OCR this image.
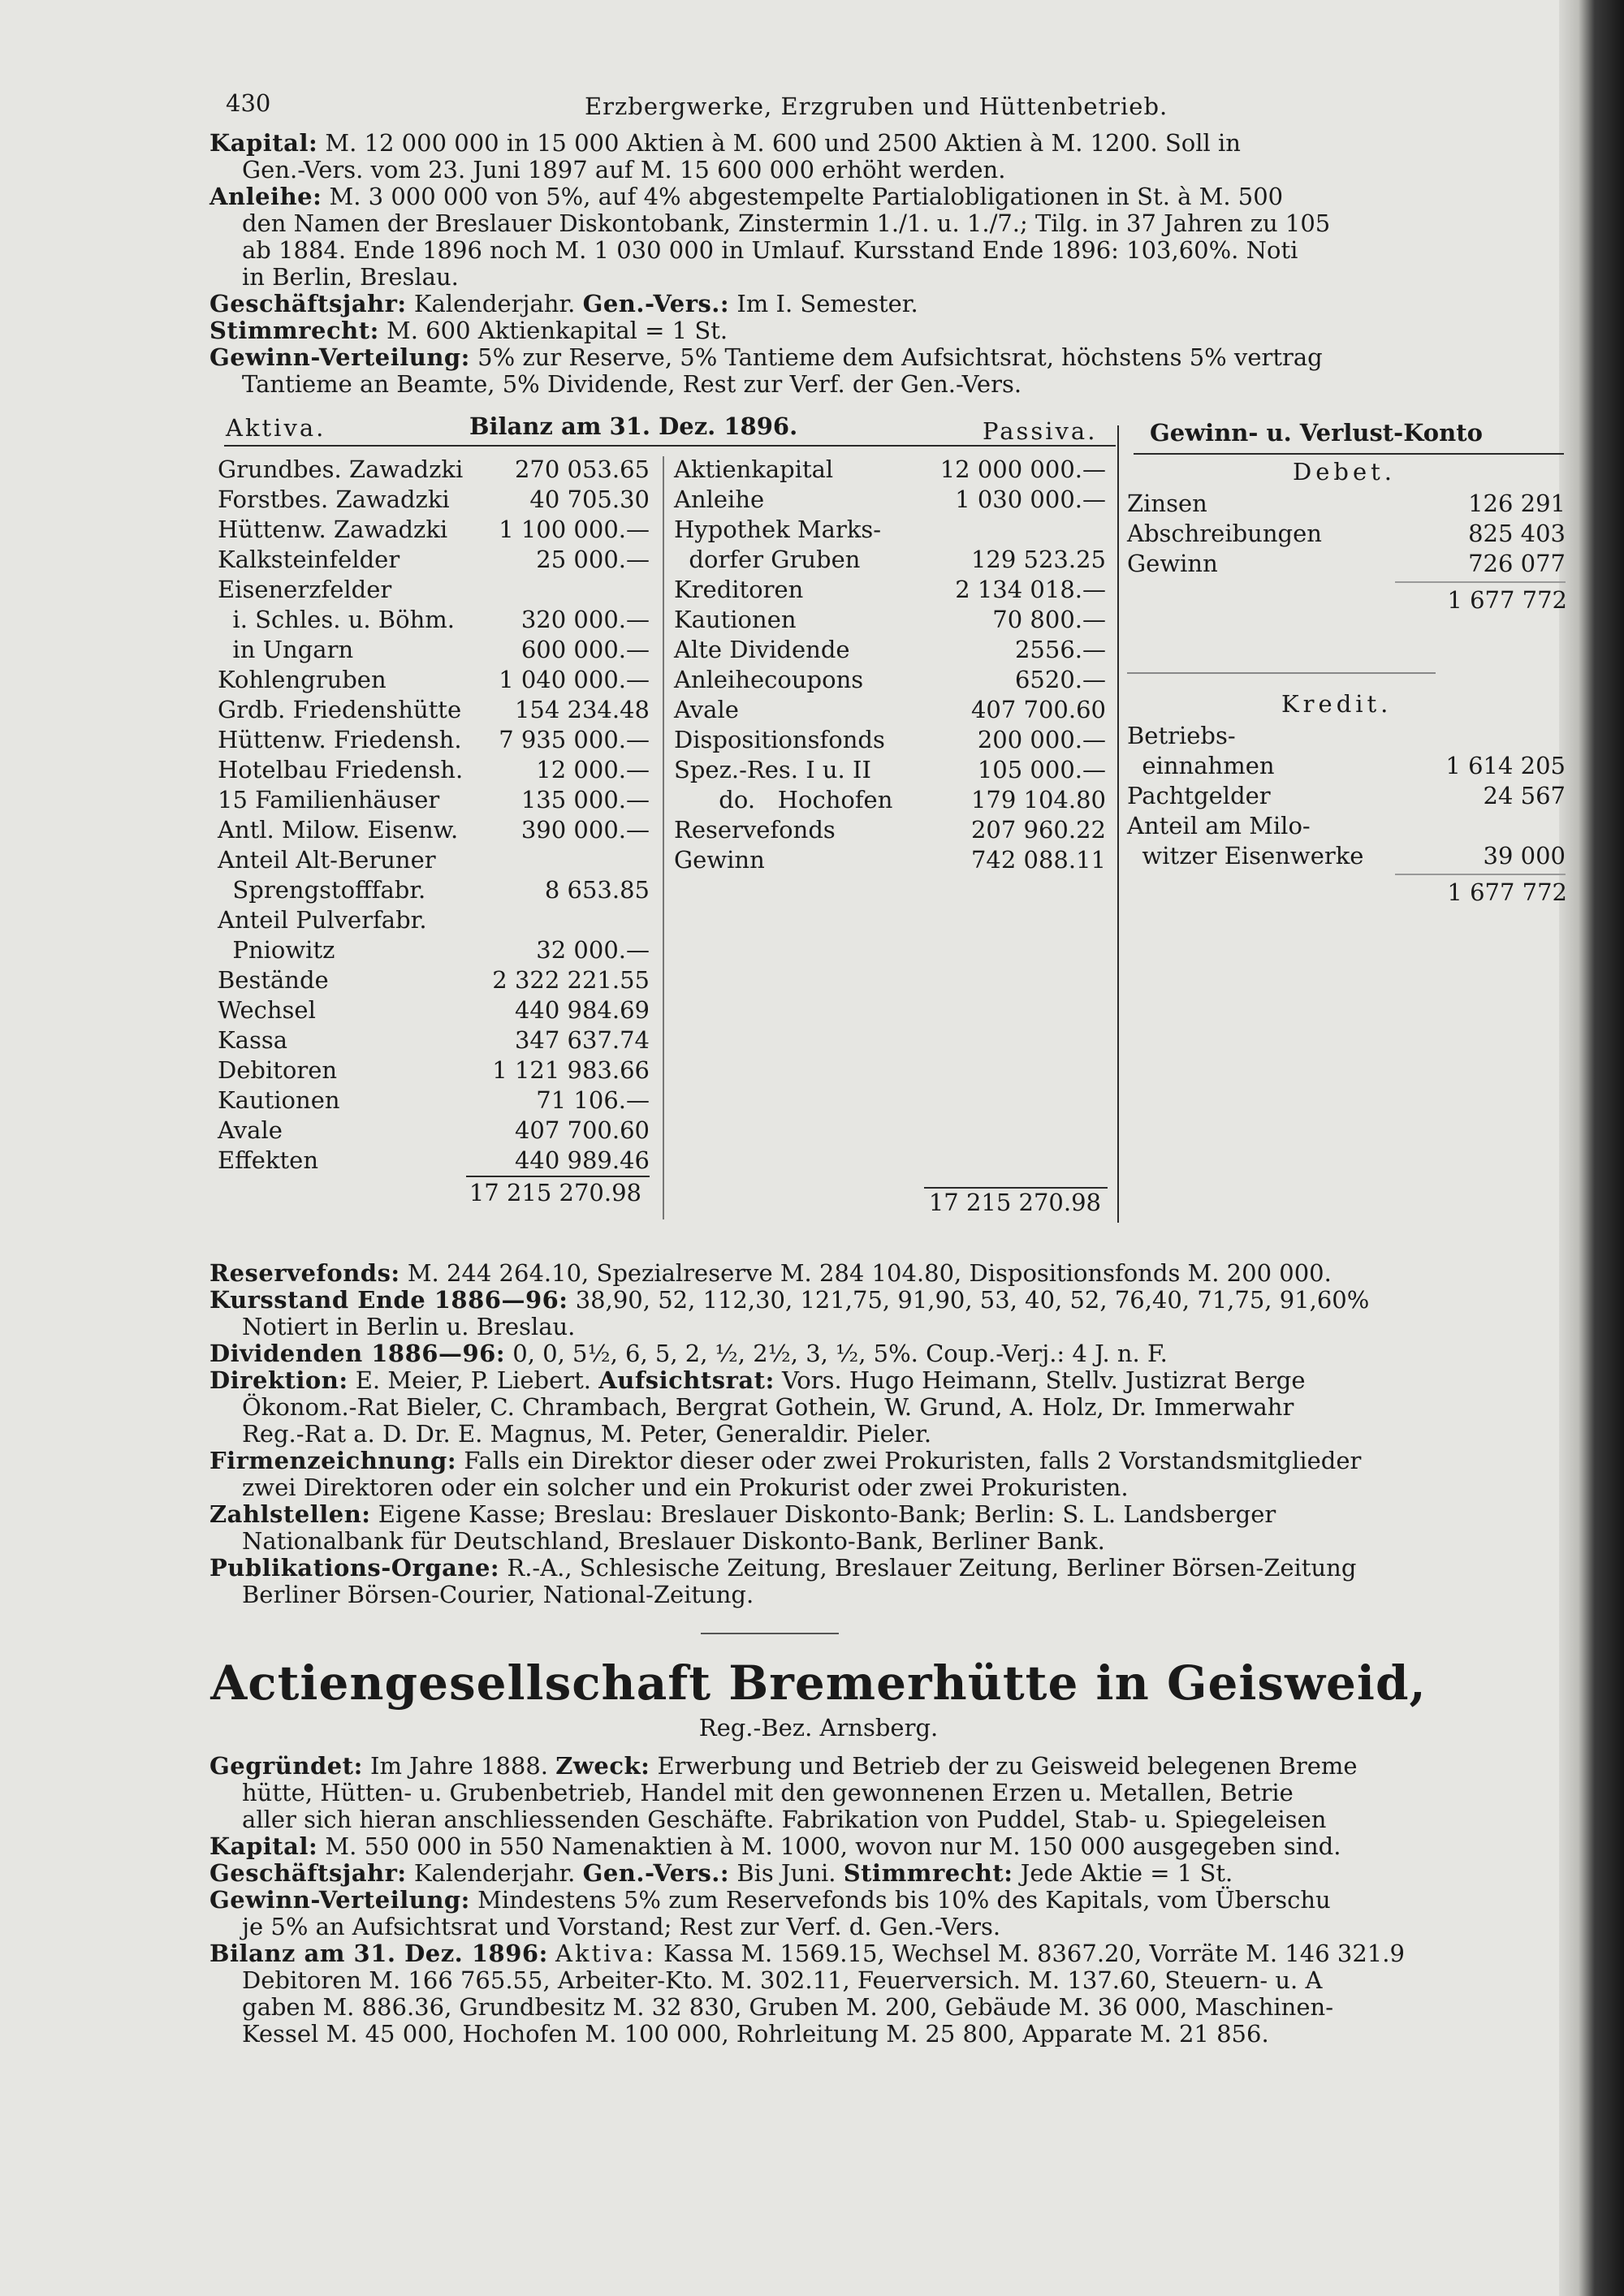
430	Erzbergwerke, Erzgruben und Hüttenbetrieb.

Kapital: M. 12 000 000 in 15 000 Aktien à M. 600 und 2500 Aktien à M. 1200. Soll in
Gen.-Vers. vom 23. Juni 1897 auf M. 15 600 000 erhöht werden.

Anleihe: M. 3 000 000 von 5%, auf 4% abgestempelte Partialobligationen in St. à M. 500
den Namen der Breslauer Diskontobank, Zinstermin 1./1. u. 1./7.; Tilg. in 37 Jahren zu 105
ab 1884. Ende 1896 noch M. 1 030 000 in Umlauf. Kursstand Ende 1896: 103,60%. Noti
in Berlin, Breslau.

Geschäftsjahr: Kalenderjahr. Gen.-Vers.: Im I. Semester.

Stimmrecht: M. 600 Aktienkapital = 1 St.

Gewinn-Verteilung: 5% zur Reserve, 5% Tantieme dem Aufsichtsrat, höchstens 5% vertrag
Tantieme an Beamte, 5% Dividende, Rest zur Verf. der Gen.-Vers.

Aktiva.	Bilanz am 31. Dez. 1896.	Passiva. Gewinn- u. Verlust-Konto
Grundbes. Zawadzki 270 053.65
Forstbes. Zawadzki	40 705.30
Hüttenw. Zawadzki 1 100 000.—
Kalksteinfelder	25 000.—
Eisenerzfelder
i. Schles. u. Böhm.	320 000.—
in Ungarn	600 000.—
Kohlengruben	1 040 000.—
Grdb. Friedenshütte 154 234.48
Hüttenw. Friedensh. 7 935 000.—
Hotelbau Friedensh.	12 000.—
15 Familienhäuser	135 000.—
Antl. Milow. Eisenw.	390 000.—
Anteil Alt-Beruner
Sprengstofffabr.	8 653.85
Anteil Pulverfabr.
Pniowitz	32 000.—
Bestände	2 322 221.55
Wechsel	440 984.69
Kassa	347 637.74
Debitoren	1 121 983.66
Kautionen	71 106.—
Avale	407 700.60
Effekten	440 989.46
Aktienkapital	12 000 000.—
Anleihe	1 030 000.—
Hypothek Marks-
dorfer Gruben	129 523.25
Kreditoren	2 134 018.—
Kautionen	70 800.—
Alte Dividende	2556.—
Anleihecoupons	6520.—
Avale	407 700.60
Dispositionsfonds	200 000.—
Spez.-Res. I u. II	105 000.—
do.   Hochofen	179 104.80
Reservefonds	207 960.22
Gewinn	742 088.11
17 215 270.98	17 215 270.98
Debet.
Zinsen	126 291
Abschreibungen	825 403
Gewinn	726 077
1 677 772
Kredit.
Betriebs-
einnahmen	1 614 205
Pachtgelder	24 567
Anteil am Milo-
witzer Eisenwerke	39 000
1 677 772

Reservefonds: M. 244 264.10, Spezialreserve M. 284 104.80, Dispositionsfonds M. 200 000.

Kursstand Ende 1886—96: 38,90, 52, 112,30, 121,75, 91,90, 53, 40, 52, 76,40, 71,75, 91,60%
Notiert in Berlin u. Breslau.

Dividenden 1886—96: 0, 0, 5½, 6, 5, 2, ½, 2½, 3, ½, 5%. Coup.-Verj.: 4 J. n. F.

Direktion: E. Meier, P. Liebert. Aufsichtsrat: Vors. Hugo Heimann, Stellv. Justizrat Berge
Ökonom.-Rat Bieler, C. Chrambach, Bergrat Gothein, W. Grund, A. Holz, Dr. Immerwahr
Reg.-Rat a. D. Dr. E. Magnus, M. Peter, Generaldir. Pieler.

Firmenzeichnung: Falls ein Direktor dieser oder zwei Prokuristen, falls 2 Vorstandsmitglieder
zwei Direktoren oder ein solcher und ein Prokurist oder zwei Prokuristen.

Zahlstellen: Eigene Kasse; Breslau: Breslauer Diskonto-Bank; Berlin: S. L. Landsberger
Nationalbank für Deutschland, Breslauer Diskonto-Bank, Berliner Bank.

Publikations-Organe: R.-A., Schlesische Zeitung, Breslauer Zeitung, Berliner Börsen-Zeitung
Berliner Börsen-Courier, National-Zeitung.

Actiengesellschaft Bremerhütte in Geisweid,
Reg.-Bez. Arnsberg.

Gegründet: Im Jahre 1888. Zweck: Erwerbung und Betrieb der zu Geisweid belegenen Breme
hütte, Hütten- u. Grubenbetrieb, Handel mit den gewonnenen Erzen u. Metallen, Betrie
aller sich hieran anschliessenden Geschäfte. Fabrikation von Puddel, Stab- u. Spiegeleisen

Kapital: M. 550 000 in 550 Namenaktien à M. 1000, wovon nur M. 150 000 ausgegeben sind.

Geschäftsjahr: Kalenderjahr. Gen.-Vers.: Bis Juni. Stimmrecht: Jede Aktie = 1 St.

Gewinn-Verteilung: Mindestens 5% zum Reservefonds bis 10% des Kapitals, vom Überschu
je 5% an Aufsichtsrat und Vorstand; Rest zur Verf. d. Gen.-Vers.

Bilanz am 31. Dez. 1896: Aktiva: Kassa M. 1569.15, Wechsel M. 8367.20, Vorräte M. 146 321.9
Debitoren M. 166 765.55, Arbeiter-Kto. M. 302.11, Feuerversich. M. 137.60, Steuern- u. A
gaben M. 886.36, Grundbesitz M. 32 830, Gruben M. 200, Gebäude M. 36 000, Maschinen-
Kessel M. 45 000, Hochofen M. 100 000, Rohrleitung M. 25 800, Apparate M. 21 856.
